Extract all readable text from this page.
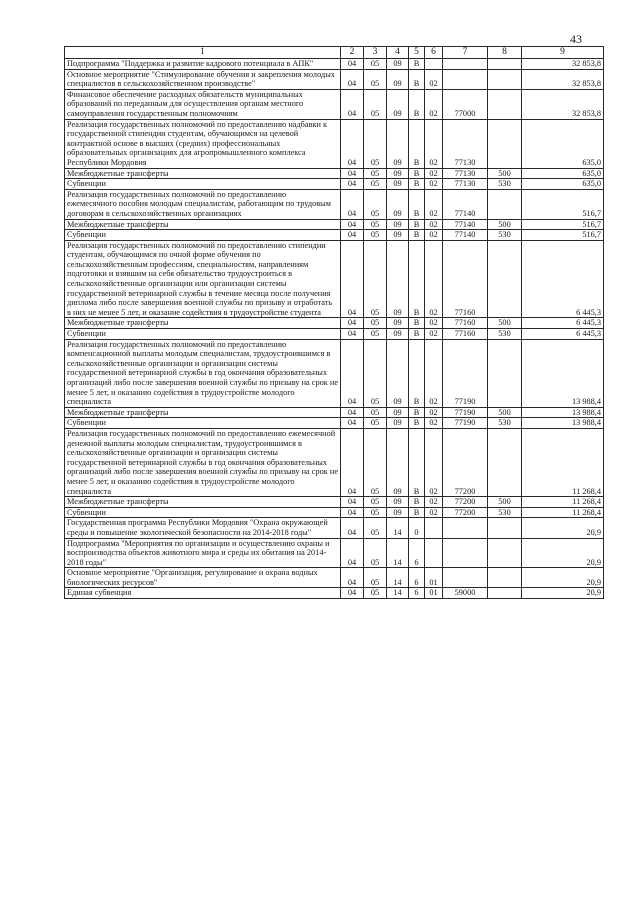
43
1	2	3	4	5	6	7	8	9
Подпрограмма "Поддержка и развитие кадрового потенциала в АПК"	04	05	09	В				32 853,8
Основное мероприятие "Стимулирование обучения и закрепления молодых специалистов в сельскохозяйственном производстве"	04	05	09	В	02			32 853,8
Финансовое обеспечение расходных обязательств муниципальных образований по переданным для осуществления органам местного самоуправления государственным полномочиям	04	05	09	В	02	77000		32 853,8
Реализация государственных полномочий по предоставлению надбавки к государственной стипендии студентам, обучающимся на целевой контрактной основе в высших (средних) профессиональных образовательных организациях для агропромышленного комплекса Республики Мордовия	04	05	09	В	02	77130		635,0
Межбюджетные трансферты	04	05	09	В	02	77130	500	635,0
Субвенции	04	05	09	В	02	77130	530	635,0
Реализация государственных полномочий по предоставлению ежемесячного пособия молодым специалистам, работающим по трудовым договорам в сельскохозяйственных организациях	04	05	09	В	02	77140		516,7
Межбюджетные трансферты	04	05	09	В	02	77140	500	516,7
Субвенции	04	05	09	В	02	77140	530	516,7
Реализация государственных полномочий по предоставлению стипендии студентам, обучающимся по очной форме обучения по сельскохозяйственным профессиям, специальностям, направлениям подготовки и взявшим на себя обязательство трудоустроиться в сельскохозяйственные организации или организации системы государственной ветеринарной службы в течение месяца после получения диплома либо после завершения военной службы по призыву и отработать в них не менее 5 лет, и оказание содействия в трудоустройстве студента	04	05	09	В	02	77160		6 445,3
Межбюджетные трансферты	04	05	09	В	02	77160	500	6 445,3
Субвенции	04	05	09	В	02	77160	530	6 445,3
Реализация государственных полномочий по предоставлению компенсационной выплаты молодым специалистам, трудоустроившимся в сельскохозяйственные организации и организации системы государственной ветеринарной службы в год окончания образовательных организаций либо после завершения военной службы по призыву на срок не менее 5 лет, и оказанию содействия в трудоустройстве молодого специалиста	04	05	09	В	02	77190		13 988,4
Межбюджетные трансферты	04	05	09	В	02	77190	500	13 988,4
Субвенции	04	05	09	В	02	77190	530	13 988,4
Реализация государственных полномочий по предоставлению ежемесячной денежной выплаты молодым специалистам, трудоустроившимся в сельскохозяйственные организации и организации системы государственной ветеринарной службы в год окончания образовательных организаций либо после завершения военной службы по призыву на срок не менее 5 лет, и оказанию содействия в трудоустройстве молодого специалиста	04	05	09	В	02	77200		11 268,4
Межбюджетные трансферты	04	05	09	В	02	77200	500	11 268,4
Субвенции	04	05	09	В	02	77200	530	11 268,4
Государственная программа Республики Мордовия "Охрана окружающей среды и повышение экологической безопасности на 2014-2018 годы"	04	05	14	0				20,9
Подпрограмма "Мероприятия по организации и осуществлению охраны и воспроизводства объектов животного мира и среды их обитания на 2014-2018 годы"	04	05	14	6				20,9
Основное мероприятие "Организация, регулирование и охрана водных биологических ресурсов"	04	05	14	6	01			20,9
Единая субвенция	04	05	14	6	01	59000		20,9
